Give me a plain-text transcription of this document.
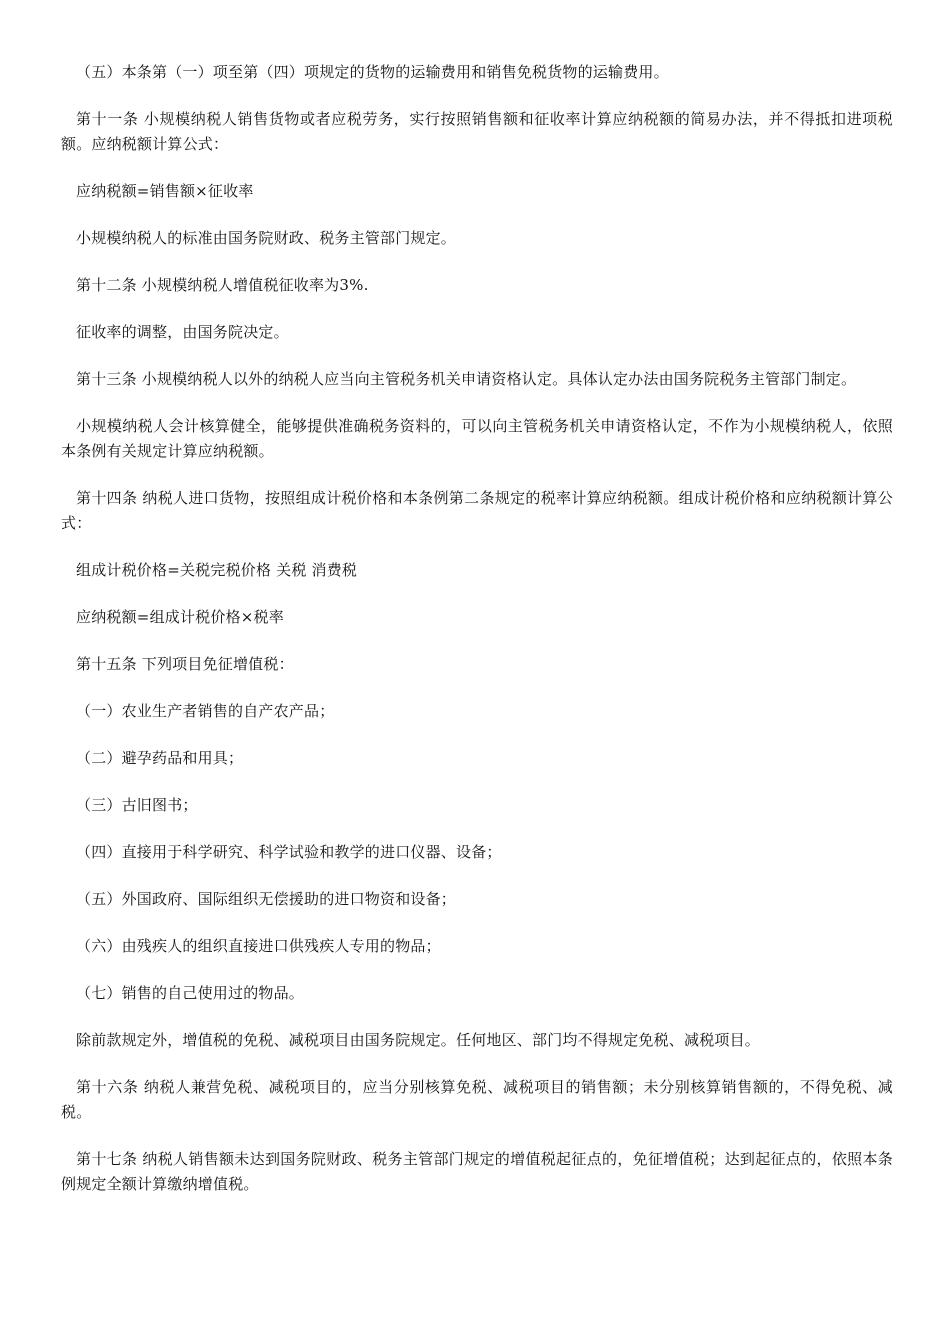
（五）本条第（一）项至第（四）项规定的货物的运输费用和销售免税货物的运输费用。

第十一条 小规模纳税人销售货物或者应税劳务，实行按照销售额和征收率计算应纳税额的简易办法，并不得抵扣进项税额。应纳税额计算公式：

应纳税额=销售额×征收率

小规模纳税人的标准由国务院财政、税务主管部门规定。

第十二条 小规模纳税人增值税征收率为3%.

征收率的调整，由国务院决定。

第十三条 小规模纳税人以外的纳税人应当向主管税务机关申请资格认定。具体认定办法由国务院税务主管部门制定。

小规模纳税人会计核算健全，能够提供准确税务资料的，可以向主管税务机关申请资格认定，不作为小规模纳税人，依照本条例有关规定计算应纳税额。

第十四条 纳税人进口货物，按照组成计税价格和本条例第二条规定的税率计算应纳税额。组成计税价格和应纳税额计算公式：

组成计税价格=关税完税价格 关税 消费税

应纳税额=组成计税价格×税率

第十五条 下列项目免征增值税：

（一）农业生产者销售的自产农产品；

（二）避孕药品和用具；

（三）古旧图书；

（四）直接用于科学研究、科学试验和教学的进口仪器、设备；

（五）外国政府、国际组织无偿援助的进口物资和设备；

（六）由残疾人的组织直接进口供残疾人专用的物品；

（七）销售的自己使用过的物品。

除前款规定外，增值税的免税、减税项目由国务院规定。任何地区、部门均不得规定免税、减税项目。

第十六条 纳税人兼营免税、减税项目的，应当分别核算免税、减税项目的销售额；未分别核算销售额的，不得免税、减税。

第十七条 纳税人销售额未达到国务院财政、税务主管部门规定的增值税起征点的，免征增值税；达到起征点的，依照本条例规定全额计算缴纳增值税。
